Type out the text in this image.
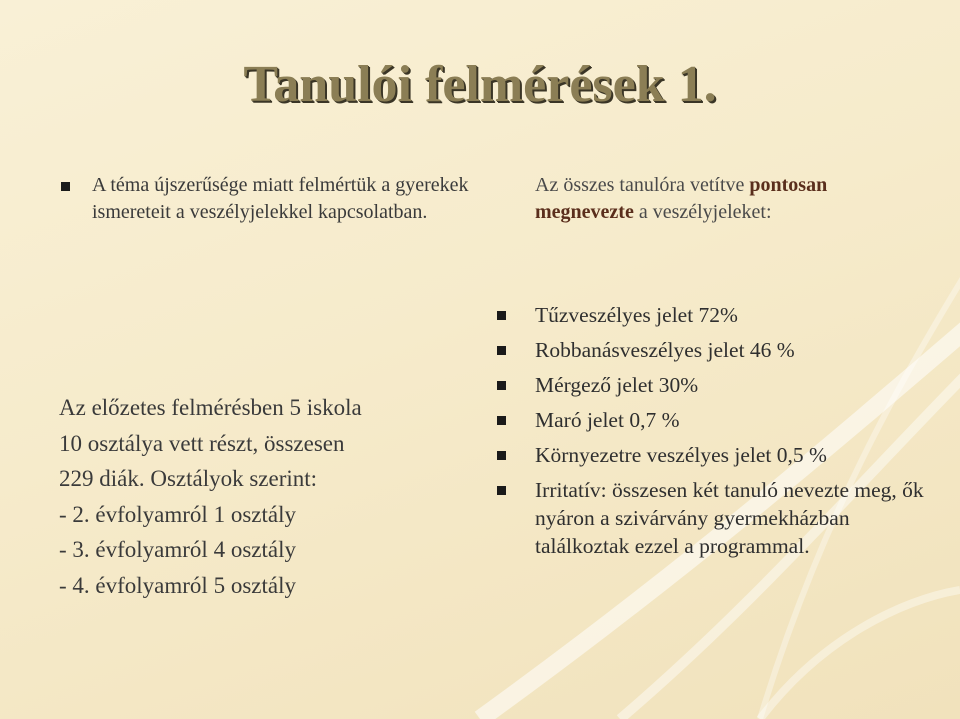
Tanulói felmérések 1.
A téma újszerűsége miatt felmértük a gyerekek ismereteit a veszélyjelekkel kapcsolatban.
Az összes tanulóra vetítve pontosan megnevezte a veszélyjeleket:
Az előzetes felmérésben 5 iskola
10 osztálya vett részt, összesen
229 diák. Osztályok szerint:
- 2. évfolyamról 1 osztály
- 3. évfolyamról 4 osztály
- 4. évfolyamról 5 osztály
Tűzveszélyes jelet 72%
Robbanásveszélyes jelet 46 %
Mérgező jelet 30%
Maró jelet 0,7 %
Környezetre veszélyes jelet 0,5 %
Irritatív: összesen két tanuló nevezte meg, ők nyáron a szivárvány gyermekházban találkoztak ezzel a programmal.
